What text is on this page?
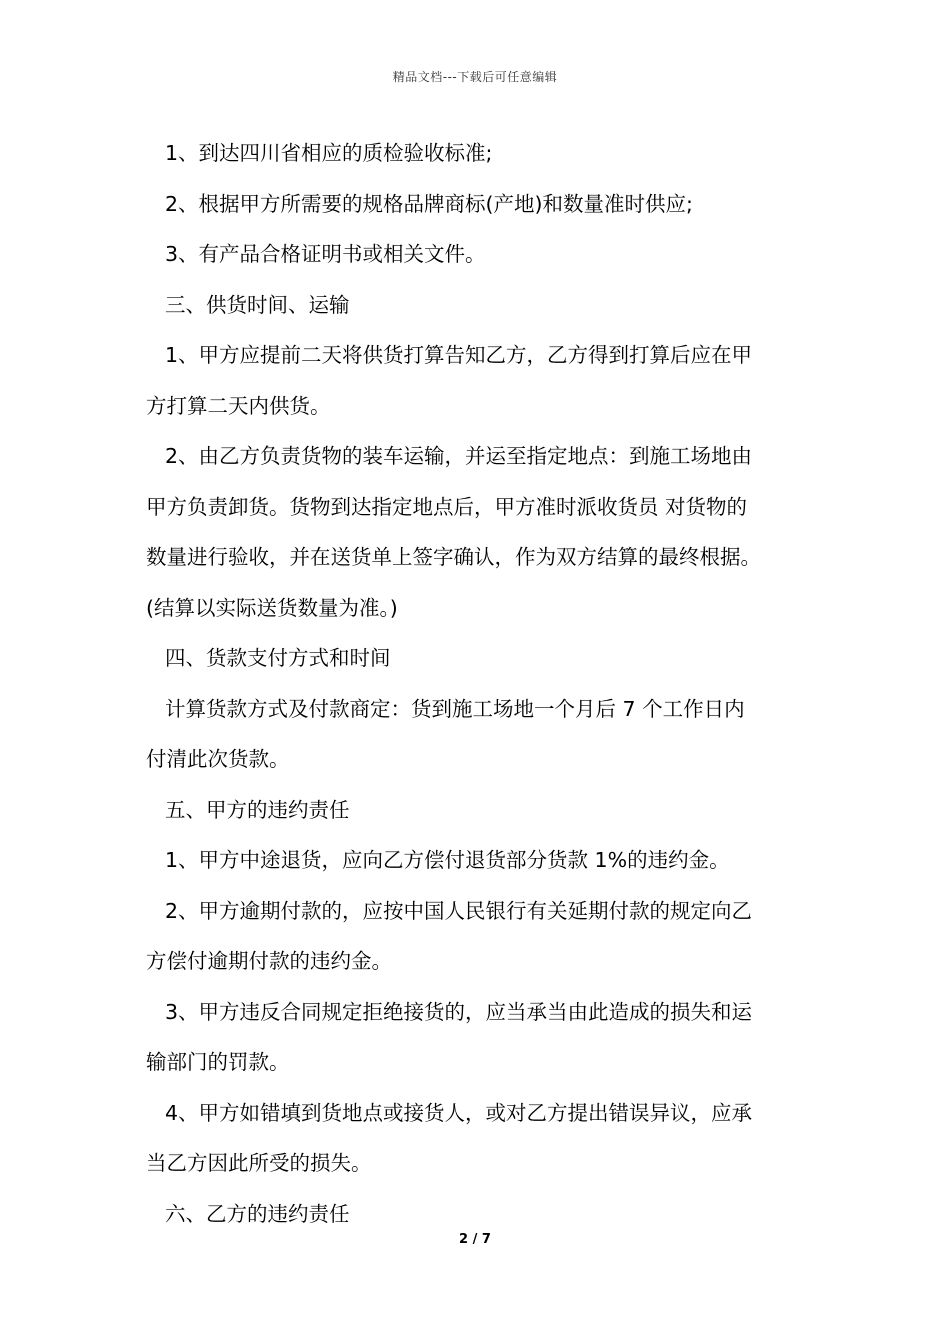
精品文档---下载后可任意编辑

1、到达四川省相应的质检验收标准;

2、根据甲方所需要的规格品牌商标(产地)和数量准时供应;

3、有产品合格证明书或相关文件。

三、供货时间、运输

1、甲方应提前二天将供货打算告知乙方，乙方得到打算后应在甲

方打算二天内供货。

2、由乙方负责货物的装车运输，并运至指定地点：到施工场地由

甲方负责卸货。货物到达指定地点后，甲方准时派收货员 对货物的

数量进行验收，并在送货单上签字确认，作为双方结算的最终根据。

(结算以实际送货数量为准。)

四、货款支付方式和时间

计算货款方式及付款商定：货到施工场地一个月后 7 个工作日内

付清此次货款。

五、甲方的违约责任

1、甲方中途退货，应向乙方偿付退货部分货款 1%的违约金。

2、甲方逾期付款的，应按中国人民银行有关延期付款的规定向乙

方偿付逾期付款的违约金。

3、甲方违反合同规定拒绝接货的，应当承当由此造成的损失和运

输部门的罚款。

4、甲方如错填到货地点或接货人，或对乙方提出错误异议，应承

当乙方因此所受的损失。

六、乙方的违约责任

2 / 7
